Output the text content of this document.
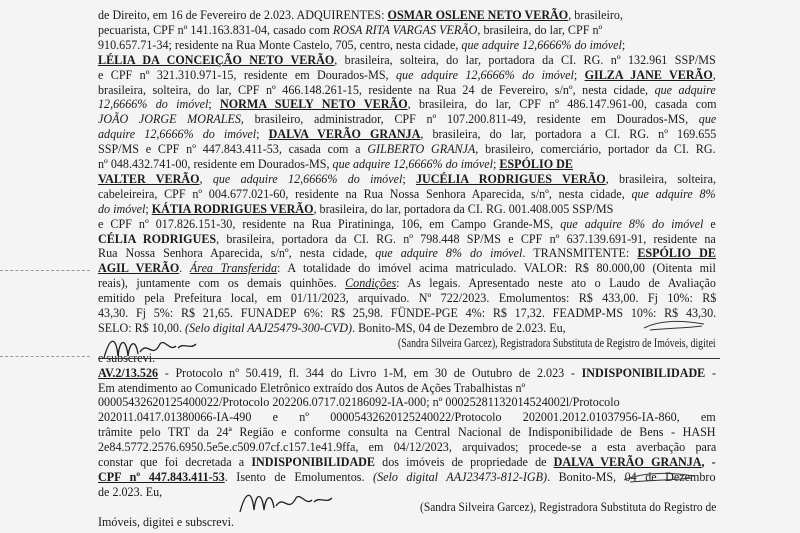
de Direito, em 16 de Fevereiro de 2.023. ADQUIRENTES: OSMAR OSLENE NETO VERÃO, brasileiro,
pecuarista, CPF nº 141.163.831-04, casado com ROSA RITA VARGAS VERÃO, brasileira, do lar, CPF nº
910.657.71-34; residente na Rua Monte Castelo, 705, centro, nesta cidade, que adquire 12,6666% do imóvel;
LÉLIA DA CONCEIÇÃO NETO VERÃO, brasileira, solteira, do lar, portadora da CI. RG. nº 132.961 SSP/MS
e CPF nº 321.310.971-15, residente em Dourados-MS, que adquire 12,6666% do imóvel; GILZA JANE VERÃO,
brasileira, solteira, do lar, CPF nº 466.148.261-15, residente na Rua 24 de Fevereiro, s/nº, nesta cidade, que adquire
12,6666% do imóvel; NORMA SUELY NETO VERÃO, brasileira, do lar, CPF nº 486.147.961-00, casada com
JOÃO JORGE MORALES, brasileiro, administrador, CPF nº 107.200.811-49, residente em Dourados-MS, que
adquire 12,6666% do imóvel; DALVA VERÃO GRANJA, brasileira, do lar, portadora a CI. RG. nº 169.655
SSP/MS e CPF nº 447.843.411-53, casada com a GILBERTO GRANJA, brasileiro, comerciário, portador da CI. RG.
nº 048.432.741-00, residente em Dourados-MS, que adquire 12,6666% do imóvel; ESPÓLIO DE
VALTER VERÃO, que adquire 12,6666% do imóvel; JUCÉLIA RODRIGUES VERÃO, brasileira, solteira,
cabeleireira, CPF nº 004.677.021-60, residente na Rua Nossa Senhora Aparecida, s/nº, nesta cidade, que adquire 8%
do imóvel; KÁTIA RODRIGUES VERÃO, brasileira, do lar, portadora da CI. RG. 001.408.005 SSP/MS
e CPF nº 017.826.151-30, residente na Rua Piratininga, 106, em Campo Grande-MS, que adquire 8% do imóvel e
CÉLIA RODRIGUES, brasileira, portadora da CI. RG. nº 798.448 SP/MS e CPF nº 637.139.691-91, residente na
Rua Nossa Senhora Aparecida, s/nº, nesta cidade, que adquire 8% do imóvel. TRANSMITENTE: ESPÓLIO DE
AGIL VERÃO. Área Transferida: A totalidade do imóvel acima matriculado. VALOR: R$ 80.000,00 (Oitenta mil
reais), juntamente com os demais quinhões. Condições: As legais. Apresentado neste ato o Laudo de Avaliação
emitido pela Prefeitura local, em 01/11/2023, arquivado. Nº 722/2023. Emolumentos: R$ 433,00. Fj 10%: R$
43,30. Fj 5%: R$ 21,65. FUNADEP 6%: R$ 25,98. FÜNDE-PGE 4%: R$ 17,32. FEADMP-MS 10%: R$ 43,30.
SELO: R$ 10,00. (Selo digital AAJ25479-300-CVD). Bonito-MS, 04 de Dezembro de 2.023. Eu,
(Sandra Silveira Garcez), Registradora Substituta de Registro de Imóveis, digitei
e subscrevi.
AV.2/13.526 - Protocolo nº 50.419, fl. 344 do Livro 1-M, em 30 de Outubro de 2.023 - INDISPONIBILIDADE -
Em atendimento ao Comunicado Eletrônico extraído dos Autos de Ações Trabalhistas nº
00005432620125400022/Protocolo 202206.0717.02186092-IA-000; nº 00025281132014524002l/Protocolo
202011.0417.01380066-IA-490 e nº 00005432620125240022/Protocolo 202001.2012.01037956-IA-860, em
trâmite pelo TRT da 24ª Região e conforme consulta na Central Nacional de Indisponibilidade de Bens - HASH
2e84.5772.2576.6950.5e5e.c509.07cf.c157.1e41.9ffa, em 04/12/2023, arquivados; procede-se a esta averbação para
constar que foi decretada a INDISPONIBILIDADE dos imóveis de propriedade de DALVA VERÃO GRANJA, -
CPF nº 447.843.411-53. Isento de Emolumentos. (Selo digital AAJ23473-812-IGB). Bonito-MS, 04 de Dezembro
de 2.023. Eu,
(Sandra Silveira Garcez), Registradora Substituta do Registro de
Imóveis, digitei e subscrevi.
